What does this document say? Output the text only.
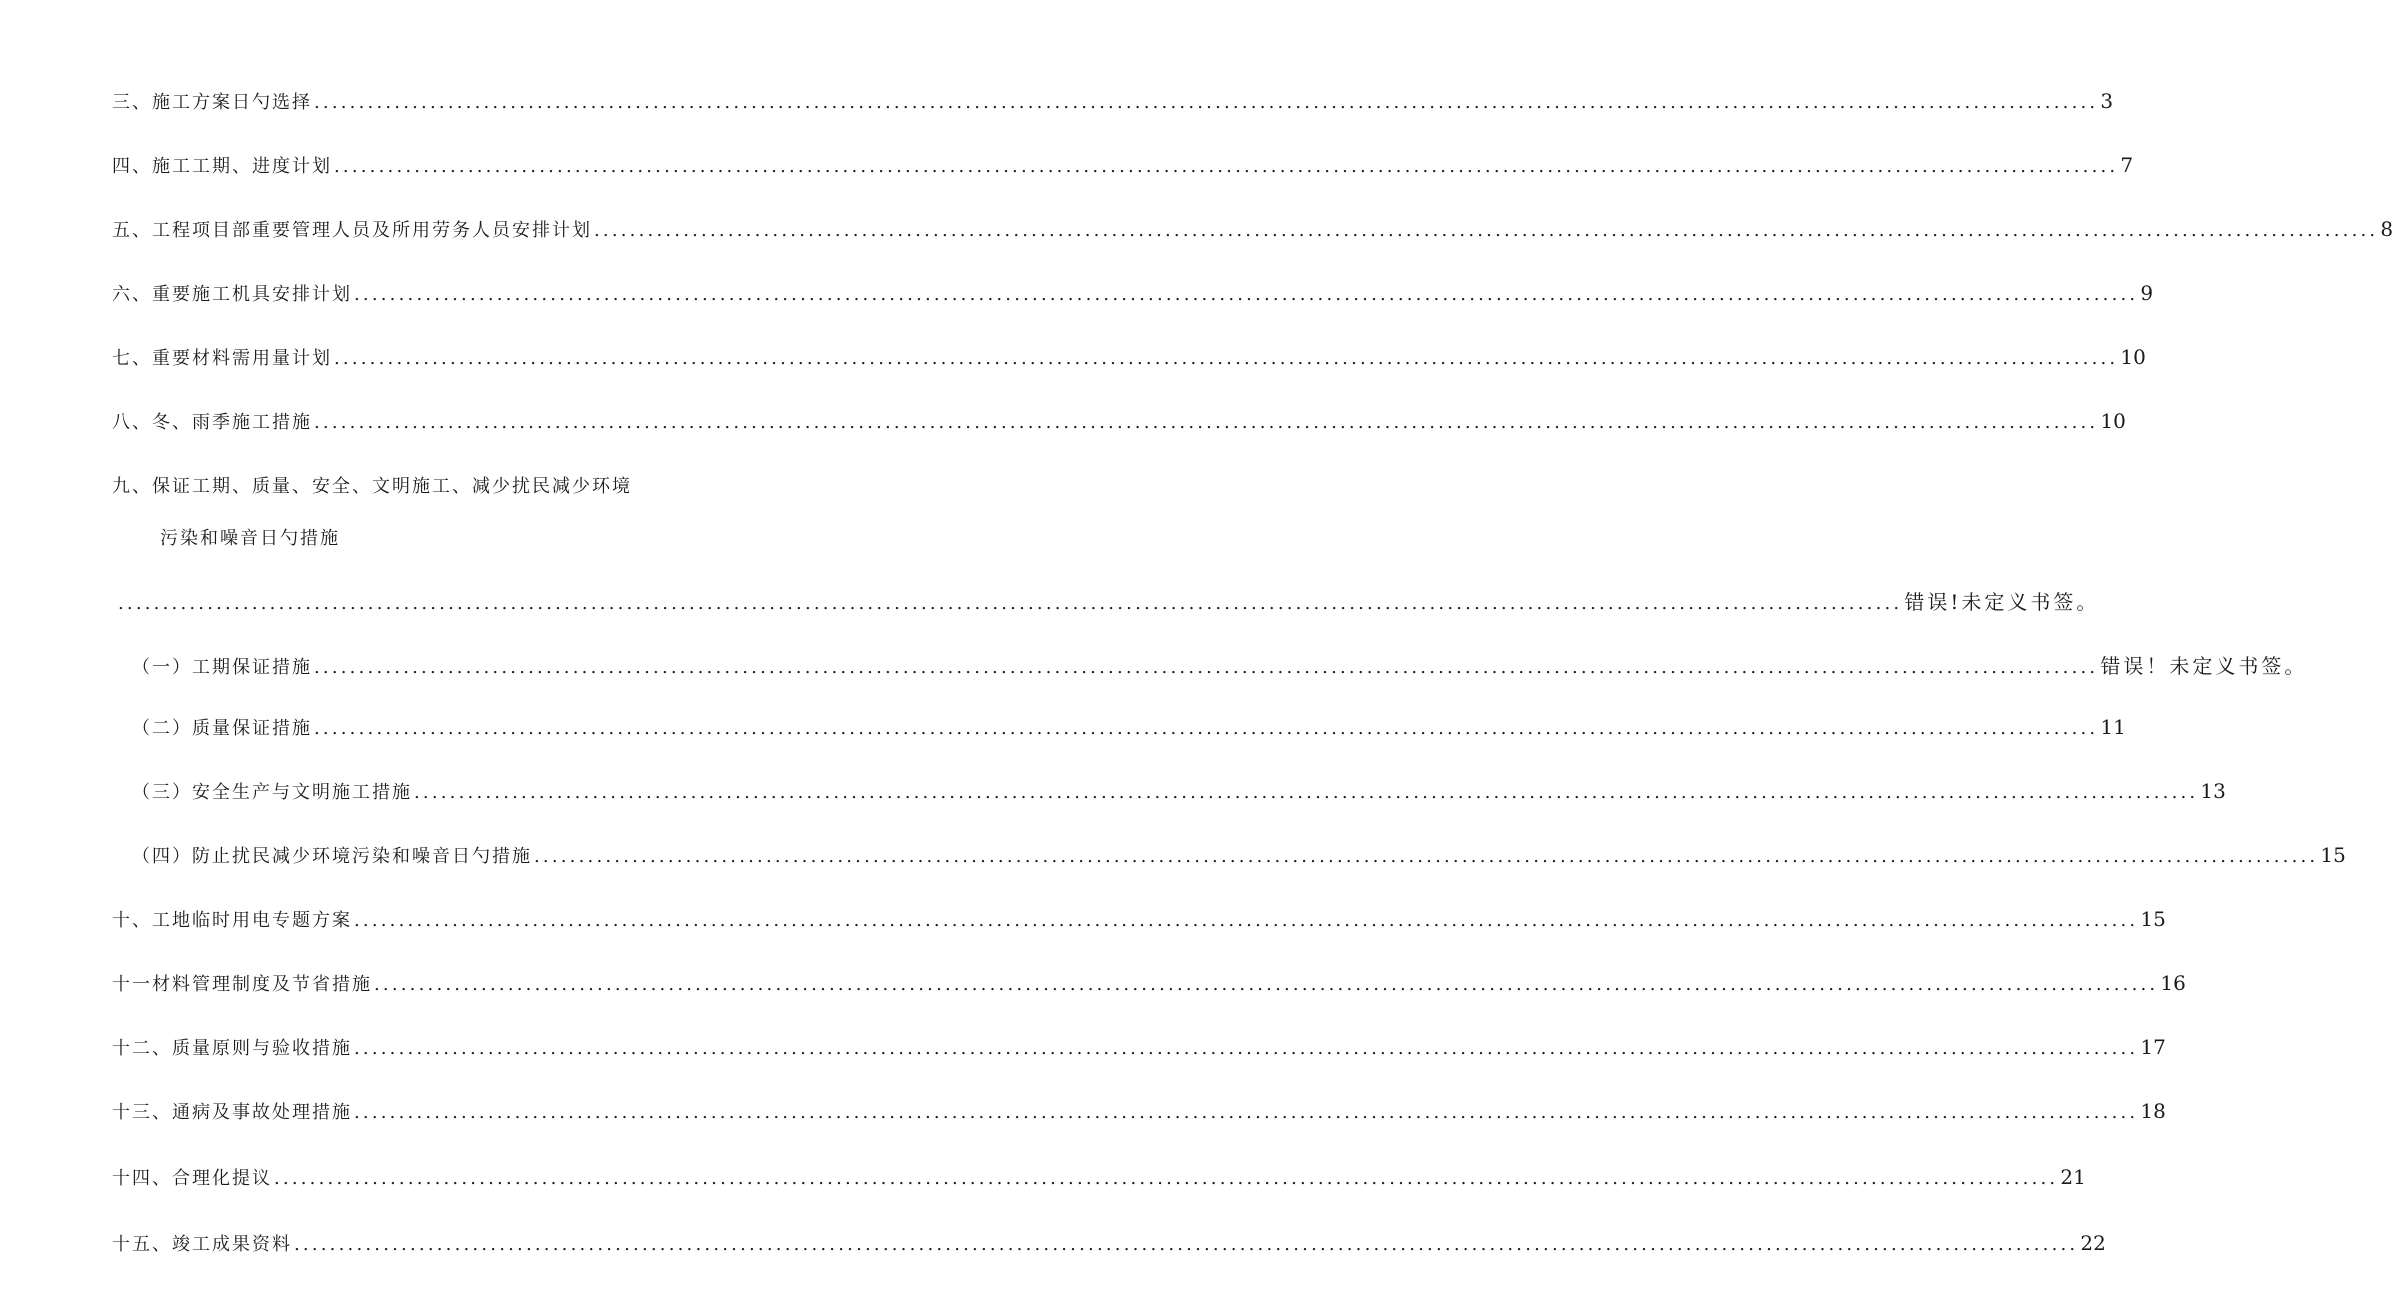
三、施工方案日勺选择 ........................................................................................................................................................................................................ 3
四、施工工期、进度计划 ........................................................................................................................................................................................................ 7
五、工程项目部重要管理人员及所用劳务人员安排计划 ........................................................................................................................................................................................................ 8
六、重要施工机具安排计划 ........................................................................................................................................................................................................ 9
七、重要材料需用量计划 ........................................................................................................................................................................................................ 10
八、冬、雨季施工措施 ........................................................................................................................................................................................................ 10
九、保证工期、质量、安全、文明施工、减少扰民减少环境
污染和噪音日勺措施
........................................................................................................................................................................................................ 错误!未定义书签。
（一）工期保证措施 ........................................................................................................................................................................................................ 错误！未定义书签。
（二）质量保证措施 ........................................................................................................................................................................................................ 11
（三）安全生产与文明施工措施 ........................................................................................................................................................................................................ 13
（四）防止扰民减少环境污染和噪音日勺措施 ........................................................................................................................................................................................................ 15
十、工地临时用电专题方案 ........................................................................................................................................................................................................ 15
十一材料管理制度及节省措施 ........................................................................................................................................................................................................ 16
十二、质量原则与验收措施 ........................................................................................................................................................................................................ 17
十三、通病及事故处理措施 ........................................................................................................................................................................................................ 18
十四、合理化提议 ........................................................................................................................................................................................................ 21
十五、竣工成果资料 ........................................................................................................................................................................................................ 22
